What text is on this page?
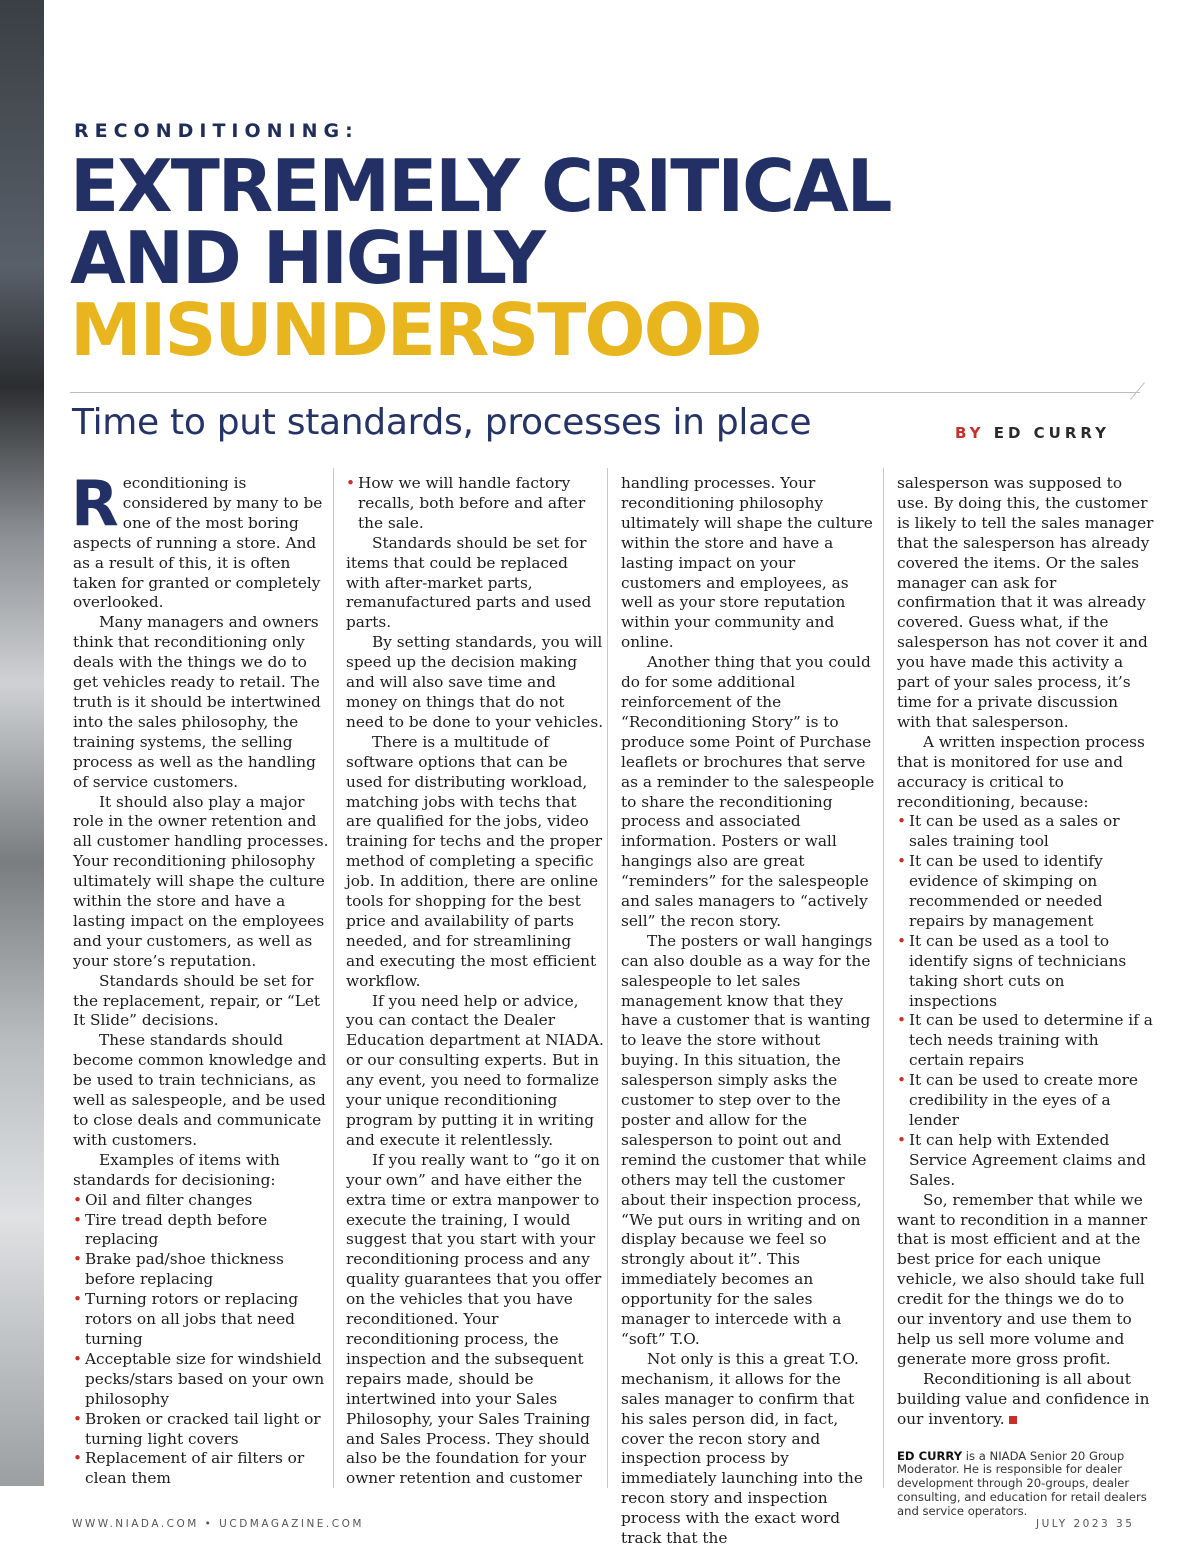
RECONDITIONING:
EXTREMELY CRITICAL
AND HIGHLY
MISUNDERSTOOD
Time to put standards, processes in place	BY ED CURRY

Reconditioning is considered by many to be one of the most boring aspects of running a store. And as a result of this, it is often taken for granted or completely overlooked.

Many managers and owners think that reconditioning only deals with the things we do to get vehicles ready to retail. The truth is it should be intertwined into the sales philosophy, the training systems, the selling process as well as the handling of service customers.

It should also play a major role in the owner retention and all customer handling processes. Your reconditioning philosophy ultimately will shape the culture within the store and have a lasting impact on the employees and your customers, as well as your store’s reputation.

Standards should be set for the replacement, repair, or “Let It Slide” decisions.

These standards should become common knowledge and be used to train technicians, as well as salespeople, and be used to close deals and communicate with customers.

Examples of items with standards for decisioning:

• Oil and filter changes
• Tire tread depth before replacing
• Brake pad/shoe thickness before replacing
• Turning rotors or replacing rotors on all jobs that need turning
• Acceptable size for windshield pecks/stars based on your own philosophy
• Broken or cracked tail light or turning light covers
• Replacement of air filters or clean them
• How we will handle factory recalls, both before and after the sale.

Standards should be set for items that could be replaced with after-market parts, remanufactured parts and used parts.

By setting standards, you will speed up the decision making and will also save time and money on things that do not need to be done to your vehicles.

There is a multitude of software options that can be used for distributing workload, matching jobs with techs that are qualified for the jobs, video training for techs and the proper method of completing a specific job. In addition, there are online tools for shopping for the best price and availability of parts needed, and for streamlining and executing the most efficient workflow.

If you need help or advice, you can contact the Dealer Education department at NIADA. or our consulting experts. But in any event, you need to formalize your unique reconditioning program by putting it in writing and execute it relentlessly.

If you really want to “go it on your own” and have either the extra time or extra manpower to execute the training, I would suggest that you start with your reconditioning process and any quality guarantees that you offer on the vehicles that you have reconditioned. Your reconditioning process, the inspection and the subsequent repairs made, should be intertwined into your Sales Philosophy, your Sales Training and Sales Process. They should also be the foundation for your owner retention and customer

handling processes. Your reconditioning philosophy ultimately will shape the culture within the store and have a lasting impact on your customers and employees, as well as your store reputation within your community and online.

Another thing that you could do for some additional reinforcement of the “Reconditioning Story” is to produce some Point of Purchase leaflets or brochures that serve as a reminder to the salespeople to share the reconditioning process and associated information. Posters or wall hangings also are great “reminders” for the salespeople and sales managers to “actively sell” the recon story.

The posters or wall hangings can also double as a way for the salespeople to let sales management know that they have a customer that is wanting to leave the store without buying. In this situation, the salesperson simply asks the customer to step over to the poster and allow for the salesperson to point out and remind the customer that while others may tell the customer about their inspection process, “We put ours in writing and on display because we feel so strongly about it”. This immediately becomes an opportunity for the sales manager to intercede with a “soft” T.O.

Not only is this a great T.O. mechanism, it allows for the sales manager to confirm that his sales person did, in fact, cover the recon story and inspection process by immediately launching into the recon story and inspection process with the exact word track that the

salesperson was supposed to use. By doing this, the customer is likely to tell the sales manager that the salesperson has already covered the items. Or the sales manager can ask for confirmation that it was already covered. Guess what, if the salesperson has not cover it and you have made this activity a part of your sales process, it’s time for a private discussion with that salesperson.

A written inspection process that is monitored for use and accuracy is critical to reconditioning, because:

• It can be used as a sales or sales training tool
• It can be used to identify evidence of skimping on recommended or needed repairs by management
• It can be used as a tool to identify signs of technicians taking short cuts on inspections
• It can be used to determine if a tech needs training with certain repairs
• It can be used to create more credibility in the eyes of a lender
• It can help with Extended Service Agreement claims and Sales.

So, remember that while we want to recondition in a manner that is most efficient and at the best price for each unique vehicle, we also should take full credit for the things we do to our inventory and use them to help us sell more volume and generate more gross profit.

Reconditioning is all about building value and confidence in our inventory.

ED CURRY is a NIADA Senior 20 Group Moderator. He is responsible for dealer development through 20-groups, dealer consulting, and education for retail dealers and service operators.
WWW.NIADA.COM • UCDMAGAZINE.COM	JULY 2023 35
